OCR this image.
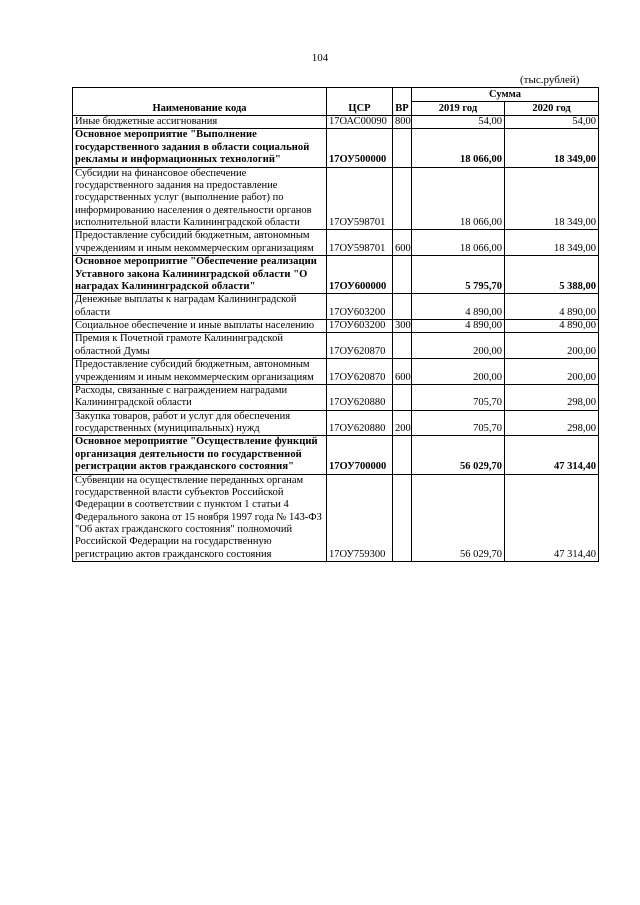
104
(тыс.рублей)
Наименование кода	ЦСР	ВР	Сумма	
			2019 год	2020 год
Иные бюджетные ассигнования	17ОАС00090	800	54,00	54,00
Основное мероприятие "Выполнение государственного задания в области социальной рекламы и информационных технологий"	17ОУ500000		18 066,00	18 349,00
Субсидии на финансовое обеспечение государственного задания на предоставление государственных услуг (выполнение работ) по информированию населения о деятельности органов исполнительной власти Калининградской области	17ОУ598701		18 066,00	18 349,00
Предоставление субсидий бюджетным, автономным учреждениям и иным некоммерческим организациям	17ОУ598701	600	18 066,00	18 349,00
Основное мероприятие "Обеспечение реализации Уставного закона Калининградской области "О наградах Калининградской области"	17ОУ600000		5 795,70	5 388,00
Денежные выплаты к наградам Калининградской области	17ОУ603200		4 890,00	4 890,00
Социальное обеспечение и иные выплаты населению	17ОУ603200	300	4 890,00	4 890,00
Премия к Почетной грамоте Калининградской областной Думы	17ОУ620870		200,00	200,00
Предоставление субсидий бюджетным, автономным учреждениям и иным некоммерческим организациям	17ОУ620870	600	200,00	200,00
Расходы, связанные с награждением наградами Калининградской области	17ОУ620880		705,70	298,00
Закупка товаров, работ и услуг для обеспечения государственных (муниципальных) нужд	17ОУ620880	200	705,70	298,00
Основное мероприятие "Осуществление функций организация деятельности по государственной регистрации актов гражданского состояния"	17ОУ700000		56 029,70	47 314,40
Субвенции на осуществление переданных органам государственной власти субъектов Российской Федерации в соответствии с пунктом 1 статьи 4 Федерального закона от 15 ноября 1997 года № 143-ФЗ "Об актах гражданского состояния" полномочий Российской Федерации на государственную регистрацию актов гражданского состояния	17ОУ759300		56 029,70	47 314,40
